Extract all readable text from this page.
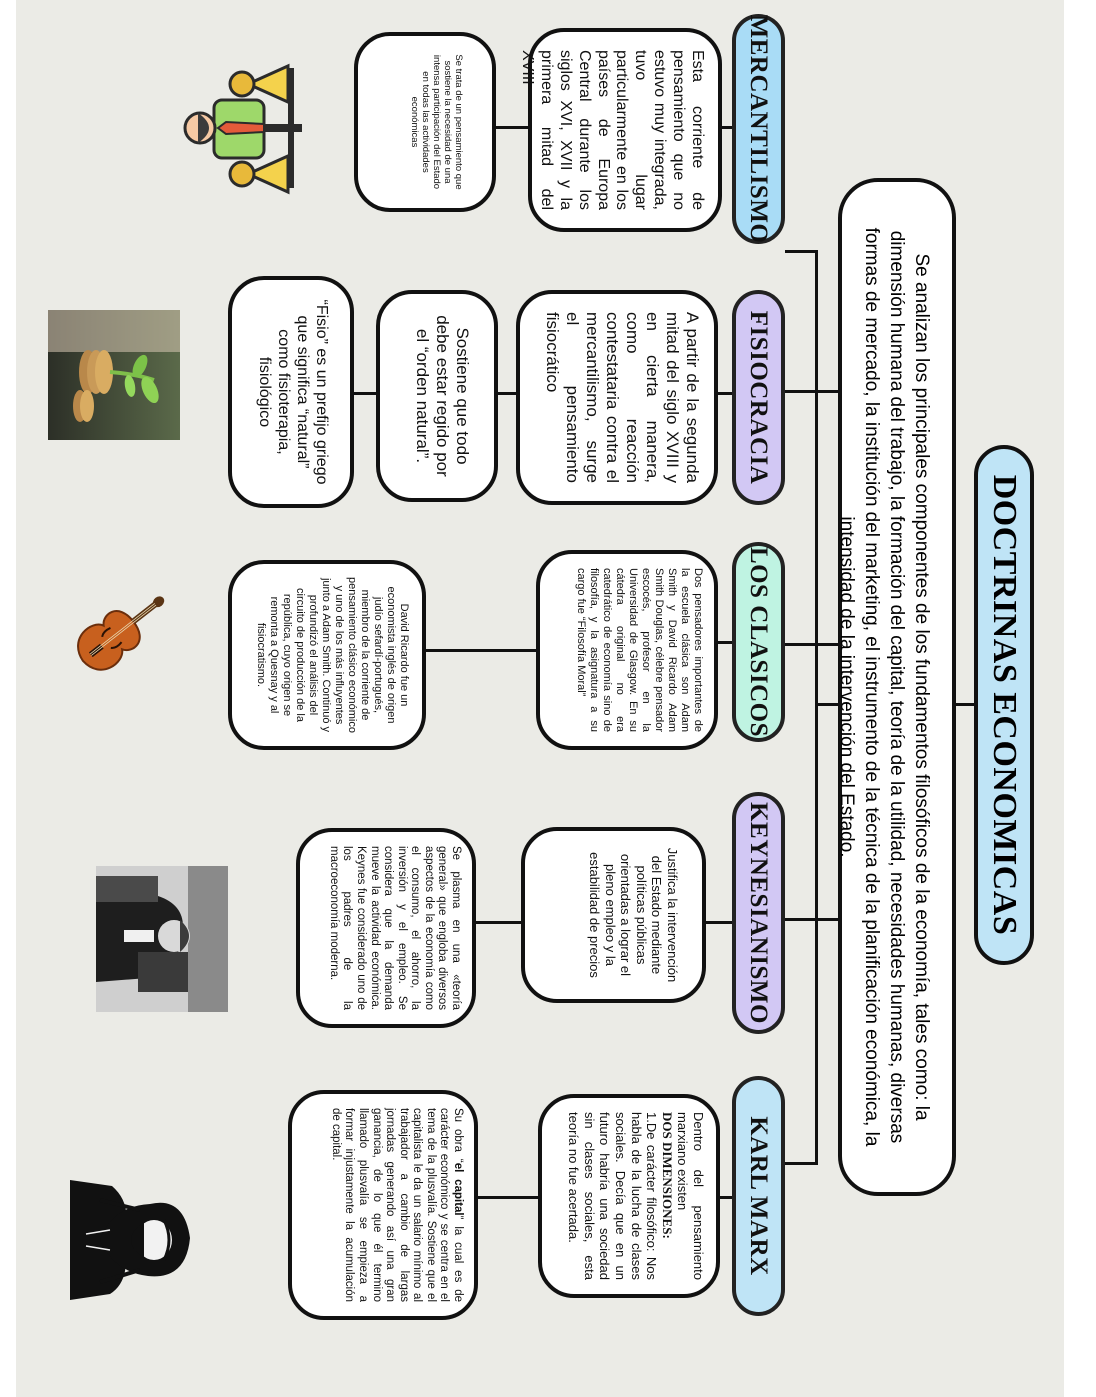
DOCTRINAS ECONOMICAS
Se analizan los principales componentes de los fundamentos filosóficos de la economía, tales como: la dimensión humana del trabajo, la formación del capital, teoría de la utilidad, necesidades humanas, diversas formas de mercado, la institución del marketing, el instrumento de la técnica de la planificación económica, la intensidad de la intervención del Estado.
MERCANTILISMO
Esta corriente de pensamiento que no estuvo muy integrada, tuvo lugar particularmente en los países de Europa Central durante los siglos XVI, XVII y la primera mitad del XVIII
Se trata de un pensamiento que sostiene la necesidad de una intensa participación del Estado en todas las actividades económicas
FISIOCRACIA
A partir de la segunda mitad del siglo XVIII y en cierta manera, como reacción contestataria contra el mercantilismo, surge el pensamiento fisiocrático
Sostiene que todo debe estar regido por el “orden natural”.
“Fisio” es un prefijo griego que significa “natural” como fisioterapia, fisiológico
LOS CLASICOS
Dos pensadores importantes de la escuela clásica son Adam Smith y David Ricardo Adam Smith Douglas, célebre pensador escocés, profesor en la Universidad de Glasgow. En su cátedra original no era catedrático de economía sino de filosofía, y la asignatura a su cargo fue “Filosofía Moral”
David Ricardo fue un economista inglés de origen judío sefardí-portugués, miembro de la corriente de pensamiento clásico económico y uno de los más influyentes junto a Adam Smith. Continuó y profundizó el análisis del circuito de producción de la república, cuyo origen se remonta a Quesnay y al fisiocratismo.
KEYNESIANISMO
Justifica la intervención del Estado mediante políticas públicas orientadas a lograr el pleno empleo y la estabilidad de precios
Se plasma en una «teoría general» que engloba diversos aspectos de la economía como el consumo, el ahorro, la inversión y el empleo. Se considera que la demanda mueve la actividad económica. Keynes fue considerado uno de los padres de la macroeconomía moderna.
KARL MARX

Dentro del pensamiento marxiano existen

DOS DIMENSIONES:

1.De carácter filosófico: Nos habla de la lucha de clases sociales. Decía que en un futuro habría una sociedad sin clases sociales, esta teoría no fue acertada.

Su obra “el capital” la cual es de carácter económico y se centra en el tema de la plusvalía. Sostiene que el capitalista le da un salario mínimo al trabajador a cambio de largas jornadas generando así una gran ganancia, de lo que él termino llamado plusvalía se empieza a formar injustamente la acumulación de capital.
